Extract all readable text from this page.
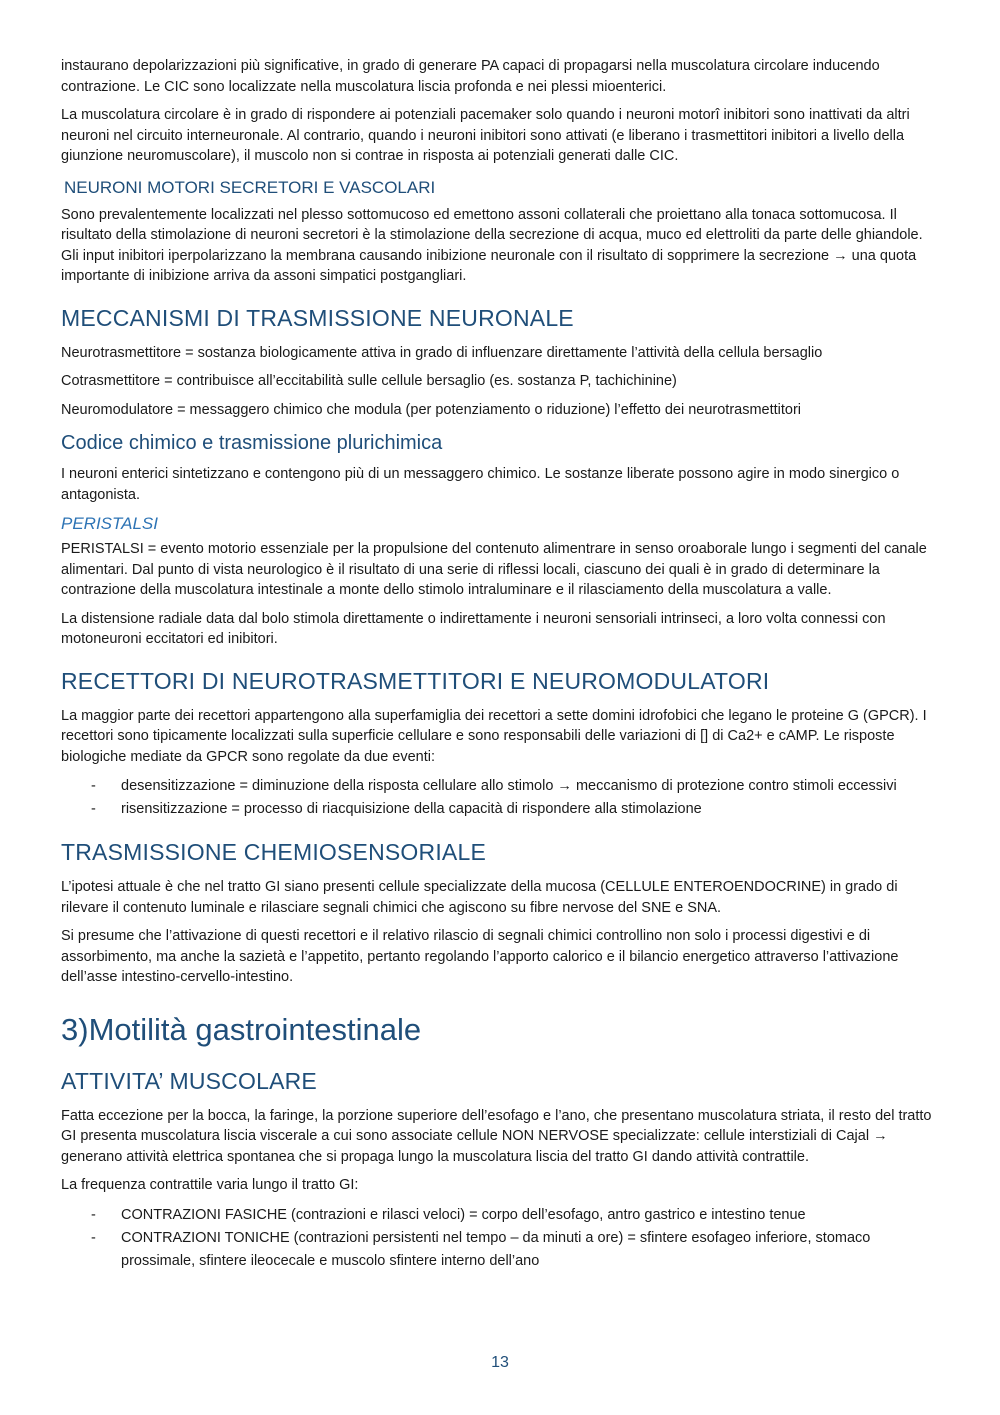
instaurano depolarizzazioni più significative, in grado di generare PA capaci di propagarsi nella muscolatura circolare inducendo contrazione. Le CIC sono localizzate nella muscolatura liscia profonda e nei plessi mioenterici.

La muscolatura circolare è in grado di rispondere ai potenziali pacemaker solo quando i neuroni motorî inibitori sono inattivati da altri neuroni nel circuito interneuronale. Al contrario, quando i neuroni inibitori sono attivati (e liberano i trasmettitori inibitori a livello della giunzione neuromuscolare), il muscolo non si contrae in risposta ai potenziali generati dalle CIC.

NEURONI MOTORI SECRETORI E VASCOLARI

Sono prevalentemente localizzati nel plesso sottomucoso ed emettono assoni collaterali che proiettano alla tonaca sottomucosa. Il risultato della stimolazione di neuroni secretori è la stimolazione della secrezione di acqua, muco ed elettroliti da parte delle ghiandole. Gli input inibitori iperpolarizzano la membrana causando inibizione neuronale con il risultato di sopprimere la secrezione → una quota importante di inibizione arriva da assoni simpatici postgangliari.

MECCANISMI DI TRASMISSIONE NEURONALE

Neurotrasmettitore = sostanza biologicamente attiva in grado di influenzare direttamente l’attività della cellula bersaglio

Cotrasmettitore = contribuisce all’eccitabilità sulle cellule bersaglio (es. sostanza P, tachichinine)

Neuromodulatore = messaggero chimico che modula (per potenziamento o riduzione) l’effetto dei neurotrasmettitori

Codice chimico e trasmissione plurichimica

I neuroni enterici sintetizzano e contengono più di un messaggero chimico. Le sostanze liberate possono agire in modo sinergico o antagonista.

PERISTALSI

PERISTALSI = evento motorio essenziale per la propulsione del contenuto alimentrare in senso oroaborale lungo i segmenti del canale alimentari. Dal punto di vista neurologico è il risultato di una serie di riflessi locali, ciascuno dei quali è in grado di determinare la contrazione della muscolatura intestinale a monte dello stimolo intraluminare e il rilasciamento della muscolatura a valle.

La distensione radiale data dal bolo stimola direttamente o indirettamente i neuroni sensoriali intrinseci, a loro volta connessi con motoneuroni eccitatori ed inibitori.

RECETTORI DI NEUROTRASMETTITORI E NEUROMODULATORI

La maggior parte dei recettori appartengono alla superfamiglia dei recettori a sette domini idrofobici che legano le proteine G (GPCR). I recettori sono tipicamente localizzati sulla superficie cellulare e sono responsabili delle variazioni di [] di Ca2+ e cAMP. Le risposte biologiche mediate da GPCR sono regolate da due eventi:

- desensitizzazione = diminuzione della risposta cellulare allo stimolo → meccanismo di protezione contro stimoli eccessivi
- risensitizzazione = processo di riacquisizione della capacità di rispondere alla stimolazione
TRASMISSIONE CHEMIOSENSORIALE

L’ipotesi attuale è che nel tratto GI siano presenti cellule specializzate della mucosa (CELLULE ENTEROENDOCRINE) in grado di rilevare il contenuto luminale e rilasciare segnali chimici che agiscono su fibre nervose del SNE e SNA.

Si presume che l’attivazione di questi recettori e il relativo rilascio di segnali chimici controllino non solo i processi digestivi e di assorbimento, ma anche la sazietà e l’appetito, pertanto regolando l’apporto calorico e il bilancio energetico attraverso l’attivazione dell’asse intestino-cervello-intestino.

3)Motilità gastrointestinale
ATTIVITA’ MUSCOLARE

Fatta eccezione per la bocca, la faringe, la porzione superiore dell’esofago e l’ano, che presentano muscolatura striata, il resto del tratto GI presenta muscolatura liscia viscerale a cui sono associate cellule NON NERVOSE specializzate: cellule interstiziali di Cajal → generano attività elettrica spontanea che si propaga lungo la muscolatura liscia del tratto GI dando attività contrattile.

La frequenza contrattile varia lungo il tratto GI:

- CONTRAZIONI FASICHE (contrazioni e rilasci veloci) = corpo dell’esofago, antro gastrico e intestino tenue
- CONTRAZIONI TONICHE (contrazioni persistenti nel tempo – da minuti a ore) = sfintere esofageo inferiore, stomaco prossimale, sfintere ileocecale e muscolo sfintere interno dell’ano
13
